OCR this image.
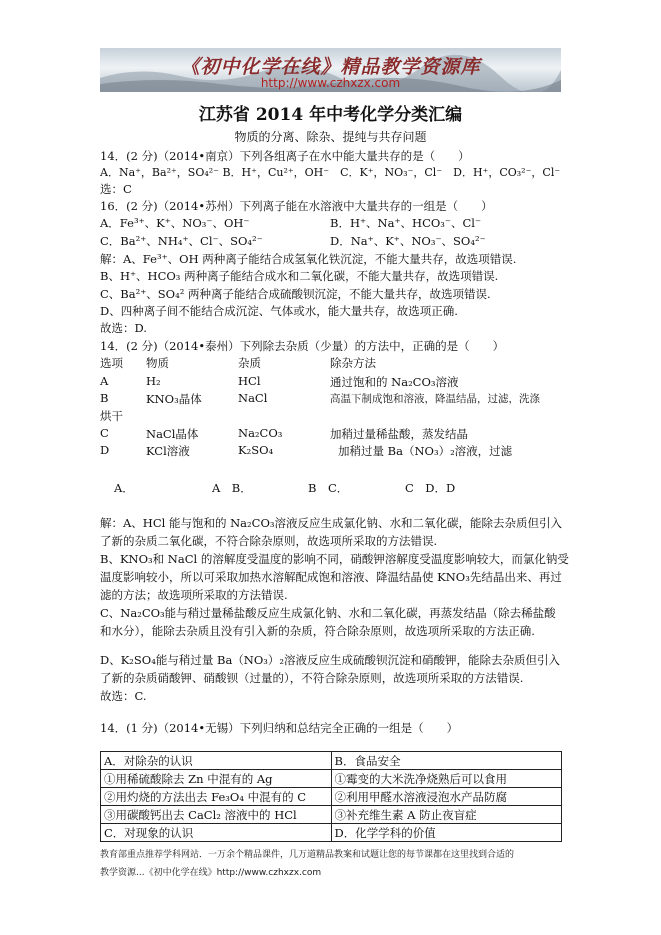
《初中化学在线》精品教学资源库
http://www.czhxzx.com
江苏省 2014 年中考化学分类汇编
物质的分离、除杂、提纯与共存问题
14．(2 分)（2014•南京）下列各组离子在水中能大量共存的是（　　）
A．Na⁺，Ba²⁺，SO₄²⁻ B．H⁺，Cu²⁺，OH⁻　C．K⁺，NO₃⁻，Cl⁻　D．H⁺，CO₃²⁻，Cl⁻
选：C
16．(2 分)（2014•苏州）下列离子能在水溶液中大量共存的一组是（　　）
A．Fe³⁺、K⁺、NO₃⁻、OH⁻	B．H⁺、Na⁺、HCO₃⁻、Cl⁻
C．Ba²⁺、NH₄⁺、Cl⁻、SO₄²⁻	D．Na⁺、K⁺、NO₃⁻、SO₄²⁻
解：A、Fe³⁺、OH 两种离子能结合成氢氧化铁沉淀，不能大量共存，故选项错误.
B、H⁺、HCO₃ 两种离子能结合成水和二氧化碳，不能大量共存，故选项错误.
C、Ba²⁺、SO₄² 两种离子能结合成硫酸钡沉淀，不能大量共存，故选项错误.
D、四种离子间不能结合成沉淀、气体或水，能大量共存，故选项正确.
故选：D.
14．(2 分)（2014•泰州）下列除去杂质（少量）的方法中，正确的是（　　）
选项 物质	杂质	除杂方法
A	H₂	HCl	通过饱和的 Na₂CO₃溶液
B	KNO₃晶体	NaCl	高温下制成饱和溶液，降温结晶，过滤，洗涤
烘干
C	NaCl晶体	Na₂CO₃	加稍过量稀盐酸，蒸发结晶
D	KCl溶液	K₂SO₄	加稍过量 Ba（NO₃）₂溶液，过滤
A．	A　B．	B　C．	C　D．D
解：A、HCl 能与饱和的 Na₂CO₃溶液反应生成氯化钠、水和二氧化碳，能除去杂质但引入
了新的杂质二氧化碳，不符合除杂原则，故选项所采取的方法错误.
B、KNO₃和 NaCl 的溶解度受温度的影响不同，硝酸钾溶解度受温度影响较大，而氯化钠受
温度影响较小，所以可采取加热水溶解配成饱和溶液、降温结晶使 KNO₃先结晶出来、再过
滤的方法；故选项所采取的方法错误.
C、Na₂CO₃能与稍过量稀盐酸反应生成氯化钠、水和二氧化碳，再蒸发结晶（除去稀盐酸
和水分），能除去杂质且没有引入新的杂质，符合除杂原则，故选项所采取的方法正确.
D、K₂SO₄能与稍过量 Ba（NO₃）₂溶液反应生成硫酸钡沉淀和硝酸钾，能除去杂质但引入
了新的杂质硝酸钾、硝酸钡（过量的），不符合除杂原则，故选项所采取的方法错误.
故选：C.
14．(1 分)（2014•无锡）下列归纳和总结完全正确的一组是（　　）
A．对除杂的认识	B．食品安全
①用稀硫酸除去 Zn 中混有的 Ag	①霉变的大米洗净烧熟后可以食用
②用灼烧的方法出去 Fe₃O₄ 中混有的 C	②利用甲醛水溶液浸泡水产品防腐
③用碳酸钙出去 CaCl₂ 溶液中的 HCl	③补充维生素 A 防止夜盲症
C．对现象的认识	D．化学学科的价值
教育部重点推荐学科网站．一万余个精品课件，几万道精品教案和试题让您的每节课都在这里找到合适的
教学资源...《初中化学在线》http://www.czhxzx.com
